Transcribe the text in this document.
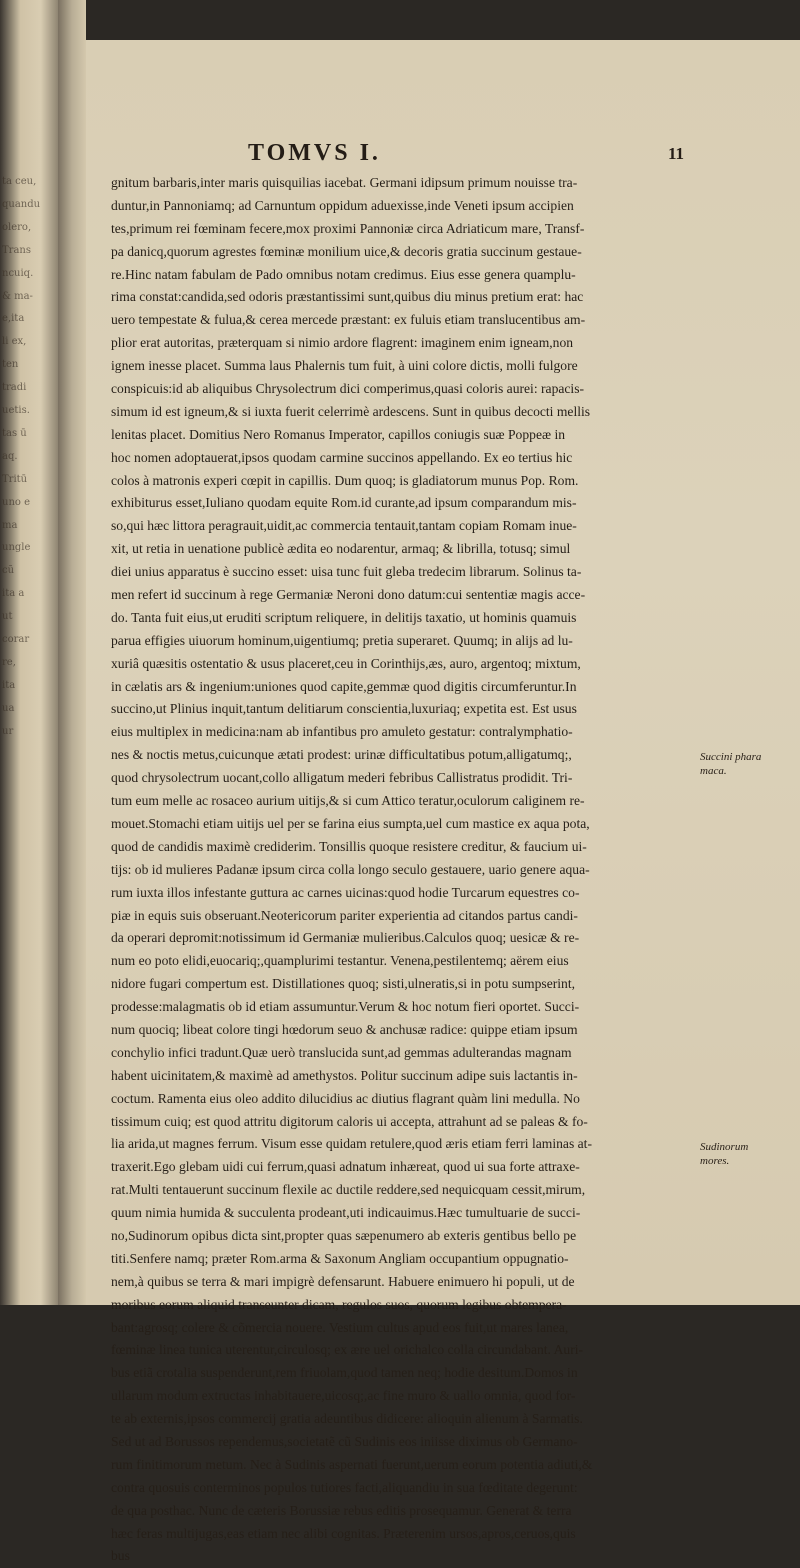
ta ceu,
quandu
olero,
Trans
ncuiq.
& ma-
e,ita
li ex,
ten
tradi
uetis.
tas ū
aq.
Tritū
uno e
ma
ungle
cũ
ita a
ut
corar
re,
ita
ua
ur
TOMVS I.	11
gnitum barbaris,inter maris quisquilias iacebat. Germani idipsum primum nouisse tra-
duntur,in Pannoniamq; ad Carnuntum oppidum aduexisse,inde Veneti ipsum accipien
tes,primum rei fœminam fecere,mox proximi Pannoniæ circa Adriaticum mare, Transf-
pa danicq,quorum agrestes fœminæ monilium uice,& decoris gratia succinum gestaue-
re.Hinc natam fabulam de Pado omnibus notam credimus. Eius esse genera quamplu-
rima constat:candida,sed odoris præstantissimi sunt,quibus diu minus pretium erat: hac
uero tempestate & fulua,& cerea mercede præstant: ex fuluis etiam translucentibus am-
plior erat autoritas, præterquam si nimio ardore flagrent: imaginem enim igneam,non
ignem inesse placet. Summa laus Phalernis tum fuit, à uini colore dictis, molli fulgore
conspicuis:id ab aliquibus Chrysolectrum dici comperimus,quasi coloris aurei: rapacis-
simum id est igneum,& si iuxta fuerit celerrimè ardescens. Sunt in quibus decocti mellis
lenitas placet. Domitius Nero Romanus Imperator, capillos coniugis suæ Poppeæ in
hoc nomen adoptauerat,ipsos quodam carmine succinos appellando. Ex eo tertius hic
colos à matronis experi cœpit in capillis. Dum quoq; is gladiatorum munus Pop. Rom.
exhibiturus esset,Iuliano quodam equite Rom.id curante,ad ipsum comparandum mis-
so,qui hæc littora peragrauit,uidit,ac commercia tentauit,tantam copiam Romam inue-
xit, ut retia in uenatione publicè ædita eo nodarentur, armaq; & librilla, totusq; simul
diei unius apparatus è succino esset: uisa tunc fuit gleba tredecim librarum. Solinus ta-
men refert id succinum à rege Germaniæ Neroni dono datum:cui sententiæ magis acce-
do. Tanta fuit eius,ut eruditi scriptum reliquere, in delitijs taxatio, ut hominis quamuis
parua effigies uiuorum hominum,uigentiumq; pretia superaret. Quumq; in alijs ad lu-
xuriâ quæsitis ostentatio & usus placeret,ceu in Corinthijs,æs, auro, argentoq; mixtum,
in cælatis ars & ingenium:uniones quod capite,gemmæ quod digitis circumferuntur.In
succino,ut Plinius inquit,tantum delitiarum conscientia,luxuriaq; expetita est. Est usus
eius multiplex in medicina:nam ab infantibus pro amuleto gestatur: contralymphatio-
nes & noctis metus,cuicunque ætati prodest: urinæ difficultatibus potum,alligatumq;,
quod chrysolectrum uocant,collo alligatum mederi febribus Callistratus prodidit. Tri-
tum eum melle ac rosaceo aurium uitijs,& si cum Attico teratur,oculorum caliginem re-
mouet.Stomachi etiam uitijs uel per se farina eius sumpta,uel cum mastice ex aqua pota,
quod de candidis maximè crediderim. Tonsillis quoque resistere creditur, & faucium ui-
tijs: ob id mulieres Padanæ ipsum circa colla longo seculo gestauere, uario genere aqua-
rum iuxta illos infestante guttura ac carnes uicinas:quod hodie Turcarum equestres co-
piæ in equis suis obseruant.Neotericorum pariter experientia ad citandos partus candi-
da operari depromit:notissimum id Germaniæ mulieribus.Calculos quoq; uesicæ & re-
num eo poto elidi,euocariq;,quamplurimi testantur. Venena,pestilentemq; aërem eius
nidore fugari compertum est. Distillationes quoq; sisti,ulneratis,si in potu sumpserint,
prodesse:malagmatis ob id etiam assumuntur.Verum & hoc notum fieri oportet. Succi-
num quociq; libeat colore tingi hœdorum seuo & anchusæ radice: quippe etiam ipsum
conchylio infici tradunt.Quæ uerò translucida sunt,ad gemmas adulterandas magnam
habent uicinitatem,& maximè ad amethystos. Politur succinum adipe suis lactantis in-
coctum. Ramenta eius oleo addito dilucidius ac diutius flagrant quàm lini medulla. No
tissimum cuiq; est quod attritu digitorum caloris ui accepta, attrahunt ad se paleas & fo-
lia arida,ut magnes ferrum. Visum esse quidam retulere,quod æris etiam ferri laminas at-
traxerit.Ego glebam uidi cui ferrum,quasi adnatum inhæreat, quod ui sua forte attraxe-
rat.Multi tentauerunt succinum flexile ac ductile reddere,sed nequicquam cessit,mirum,
quum nimia humida & succulenta prodeant,uti indicauimus.Hæc tumultuarie de succi-
no,Sudinorum opibus dicta sint,propter quas sæpenumero ab exteris gentibus bello pe
titi.Senfere namq; præter Rom.arma & Saxonum Angliam occupantium oppugnatio-
nem,à quibus se terra & mari impigrè defensarunt. Habuere enimuero hi populi, ut de
moribus eorum aliquid transeunter dicam, regulos suos, quorum legibus obtempera-
bant:agrosq; colere & cõmercia nouere. Vestium cultus apud eos fuit,ut mares lanea,
fœminæ linea tunica uterentur,circulosq; ex ære uel orichalco colla circundabant. Auri-
bus etiã crotalia suspenderunt,rem friuolam,quod tamen neq; hodie desitum.Domos in
ullarum modum extructas inhabitauere,uicosq;,ac fine muro & uallo omnia, quod for-
te ab externis,ipsos commercij gratia adeuntibus didicere: alioquin alienum à Sarmatis.
Sed ut ad Borussos rependemus,societatẽ cũ Sudinis eos iniisse diximus ob Germano-
rum finitimorum metum. Nec à Sudinis aspernati fuerunt,uerum eorum potentia adiuti,&
contra quosuis conterminos populos tutiores facti,aliquandiu in sua fœditate degerunt:
de qua posthac. Nunc de cæteris Borussiæ rebus editis prosequamur. Generat & terra
hæc feras multijugas,eas etiam nec alibi cognitas. Præterenim ursos,apros,ceruos,quis
bus
Succini phara
maca.
Sudinorum
mores.
